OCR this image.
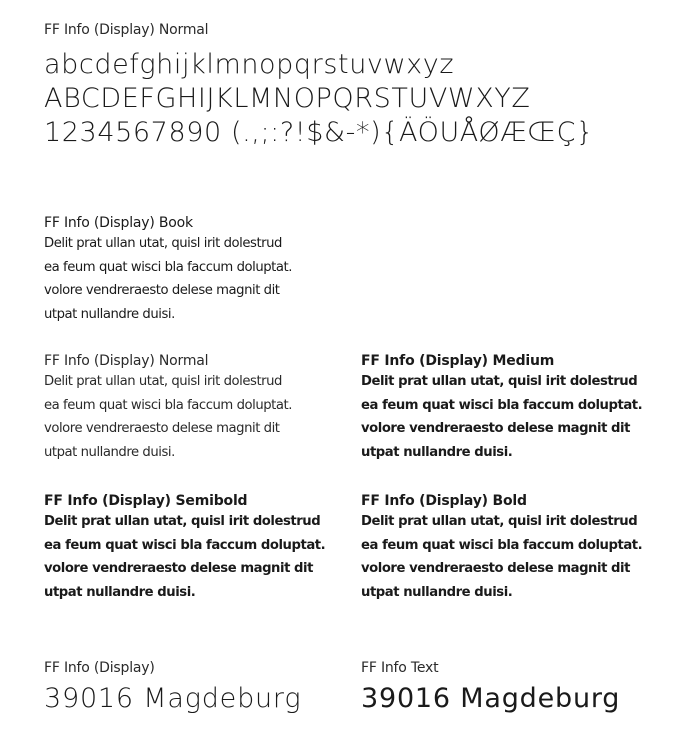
FF Info (Display) Normal
abcdefghijklmnopqrstuvwxyz
ABCDEFGHIJKLMNOPQRSTUVWXYZ
1234567890 (.,;:?!$&-*){ÄÖUÅØÆŒÇ}
FF Info (Display) Book
Delit prat ullan utat, quisl irit dolestrud
ea feum quat wisci bla faccum doluptat.
volore vendreraesto delese magnit dit
utpat nullandre duisi.
FF Info (Display) Normal
Delit prat ullan utat, quisl irit dolestrud
ea feum quat wisci bla faccum doluptat.
volore vendreraesto delese magnit dit
utpat nullandre duisi.
FF Info (Display) Medium
Delit prat ullan utat, quisl irit dolestrud
ea feum quat wisci bla faccum doluptat.
volore vendreraesto delese magnit dit
utpat nullandre duisi.
FF Info (Display) Semibold
Delit prat ullan utat, quisl irit dolestrud
ea feum quat wisci bla faccum doluptat.
volore vendreraesto delese magnit dit
utpat nullandre duisi.
FF Info (Display) Bold
Delit prat ullan utat, quisl irit dolestrud
ea feum quat wisci bla faccum doluptat.
volore vendreraesto delese magnit dit
utpat nullandre duisi.
FF Info (Display)
39016 Magdeburg
FF Info Text
39016 Magdeburg
